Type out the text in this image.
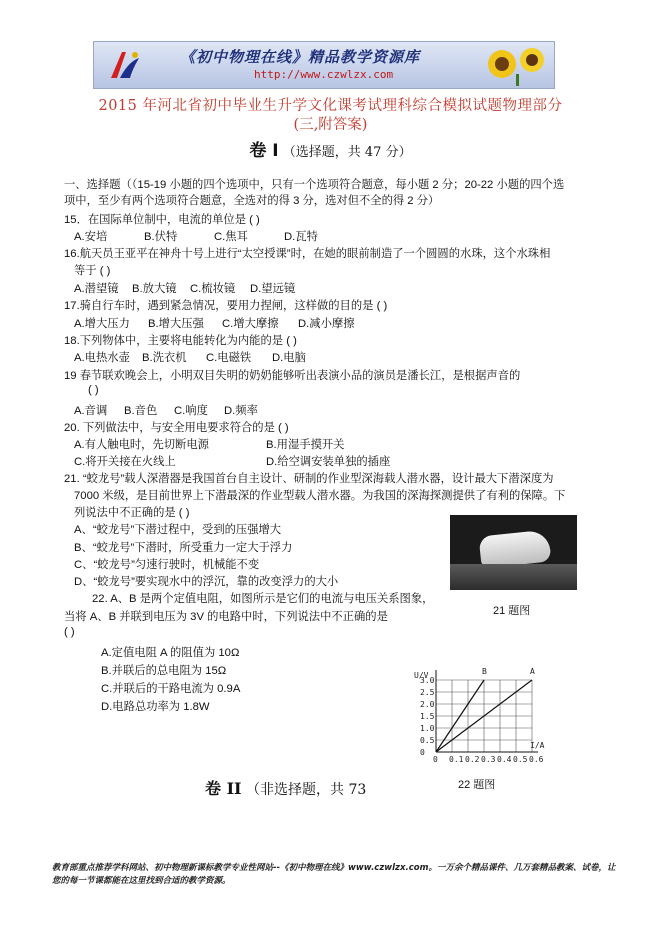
《初中物理在线》精品教学资源库
http://www.czwlzx.com
2015 年河北省初中毕业生升学文化课考试理科综合模拟试题物理部分
(三,附答案)
卷 I （选择题，共 47 分）
一、选择题（（15-19 小题的四个选项中，只有一个选项符合题意，每小题 2 分；20-22 小题的四个选
项中，至少有两个选项符合题意，全选对的得 3 分，选对但不全的得 2 分）
15．在国际单位制中，电流的单位是 ( )
A.安培	B.伏特	C.焦耳	D.瓦特
16.航天员王亚平在神舟十号上进行“太空授课”时，在她的眼前制造了一个圆圆的水珠，这个水珠相
等于 ( )
A.潜望镜 B.放大镜 C.梳妆镜 D.望远镜
17.骑自行车时，遇到紧急情况，要用力捏闸，这样做的目的是 ( )
A.增大压力 B.增大压强 C.增大摩擦 D.减小摩擦
18.下列物体中，主要将电能转化为内能的是 ( )
A.电热水壶 B.洗衣机 C.电磁铁 D.电脑
19 春节联欢晚会上，小明双目失明的奶奶能够听出表演小品的演员是潘长江，是根据声音的
( )
A.音调 B.音色 C.响度 D.频率
20. 下列做法中，与安全用电要求符合的是 ( )
A.有人触电时，先切断电源	B.用湿手摸开关
C.将开关接在火线上	D.给空调安装单独的插座
21. “蛟龙号”载人深潜器是我国首台自主设计、研制的作业型深海载人潜水器，设计最大下潜深度为
7000 米级，是目前世界上下潜最深的作业型载人潜水器。为我国的深海探测提供了有利的保障。下
列说法中不正确的是 ( )
A、“蛟龙号”下潜过程中，受到的压强增大
B、“蛟龙号”下潜时，所受重力一定大于浮力
C、“蛟龙号”匀速行驶时，机械能不变
D、“蛟龙号”要实现水中的浮沉，靠的改变浮力的大小
21 题图
22. A、B 是两个定值电阻，如图所示是它们的电流与电压关系图象，
当将 A、B 并联到电压为 3V 的电路中时，下列说法中不正确的是
( )
A.定值电阻 A 的阻值为 10Ω
B.并联后的总电阻为 15Ω
C.并联后的干路电流为 0.9A
D.电路总功率为 1.8W
0 0.1 0.2 0.3 0.4 0.5 0.6
0
0.5
1.0
1.5
2.0
2.5
3.0
I/A
U/V	A
B
22 题图
卷 II （非选择题，共 73
教育部重点推荐学科网站、初中物理新课标教学专业性网站--《初中物理在线》www.czwlzx.com。一万余个精品课件、几万套精品教案、试卷，让您的每一节课都能在这里找到合适的教学资源。
